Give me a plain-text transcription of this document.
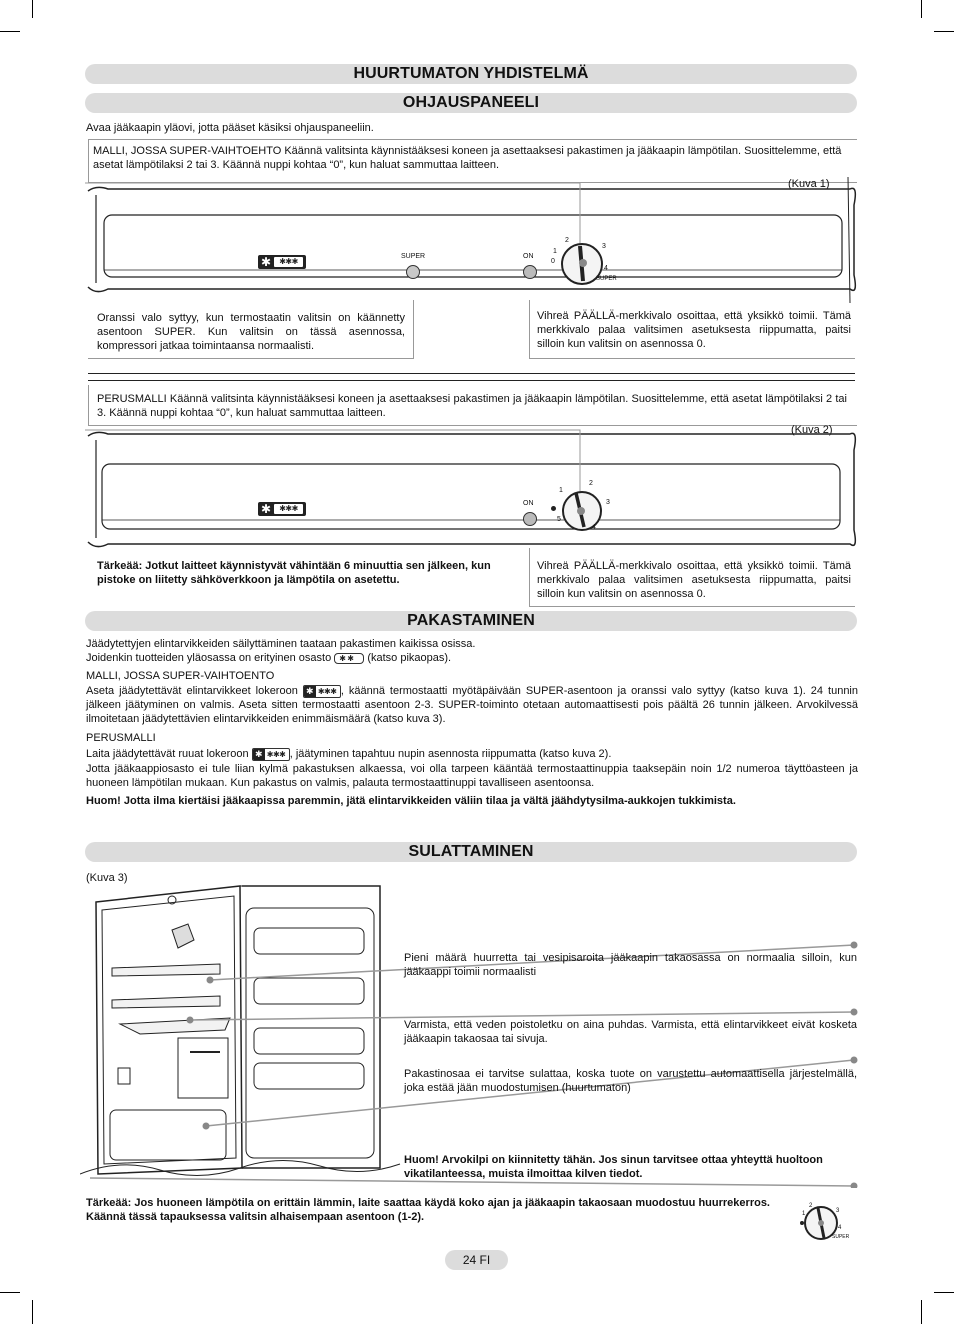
HUURTUMATON YHDISTELMÄ
OHJAUSPANEELI
Avaa jääkaapin yläovi, jotta pääset käsiksi ohjauspaneeliin.
MALLI, JOSSA SUPER-VAIHTOEHTO Käännä valitsinta käynnistääksesi koneen ja asettaaksesi pakastimen ja jääkaapin lämpötilan. Suosittelemme, että asetat lämpötilaksi 2 tai 3. Käännä nuppi kohtaa “0”, kun haluat sammuttaa laitteen.
(Kuva 1)
✱	✱✱✱
SUPER	ON
0
1
2
3
4
SUPER
Oranssi valo syttyy, kun termostaatin valitsin on käännetty asentoon SUPER. Kun valitsin on tässä asennossa, kompressori jatkaa toimintaansa normaalisti.
Vihreä PÄÄLLÄ-merkkivalo osoittaa, että yksikkö toimii. Tämä merkkivalo palaa valitsimen asetuksesta riippumatta, paitsi silloin kun valitsin on asennossa 0.
PERUSMALLI Käännä valitsinta käynnistääksesi koneen ja asettaaksesi pakastimen ja jääkaapin lämpötilan. Suosittelemme, että asetat lämpötilaksi 2 tai 3. Käännä nuppi kohtaa “0”, kun haluat sammuttaa laitteen.
(Kuva 2)
✱	✱✱✱
ON
1
2
3
4
5
Tärkeää: Jotkut laitteet käynnistyvät vähintään 6 minuuttia sen jälkeen, kun pistoke on liitetty sähköverkkoon ja lämpötila on asetettu.
Vihreä PÄÄLLÄ-merkkivalo osoittaa, että yksikkö toimii. Tämä merkkivalo palaa valitsimen asetuksesta riippumatta, paitsi silloin kun valitsin on asennossa 0.
PAKASTAMINEN
Jäädytettyjen elintarvikkeiden säilyttäminen taataan pakastimen kaikissa osissa.
Joidenkin tuotteiden yläosassa on erityinen osasto ✱ ✱ (katso pikaopas).
MALLI, JOSSA SUPER-VAIHTOENTO
Aseta jäädytettävät elintarvikkeet lokeroon ✱ ✱✱✱ , käännä termostaatti myötäpäivään SUPER-asentoon ja oranssi valo syttyy (katso kuva 1). 24 tunnin jälkeen jäätyminen on valmis. Aseta sitten termostaatti asentoon 2-3. SUPER-toiminto otetaan automaattisesti pois päältä 26 tunnin jälkeen. Arvokilvessä ilmoitetaan jäädytettävien elintarvikkeiden enimmäismäärä (katso kuva 3).
PERUSMALLI
Laita jäädytettävät ruuat lokeroon ✱ ✱✱✱ , jäätyminen tapahtuu nupin asennosta riippumatta (katso kuva 2).
Jotta jääkaappiosasto ei tule liian kylmä pakastuksen alkaessa, voi olla tarpeen kääntää termostaattinuppia taaksepäin noin 1/2 numeroa täyttöasteen ja huoneen lämpötilan mukaan. Kun pakastus on valmis, palauta termostaattinuppi tavalliseen asentoonsa.
Huom! Jotta ilma kiertäisi jääkaapissa paremmin, jätä elintarvikkeiden väliin tilaa ja vältä jäähdytysilma-aukkojen tukkimista.
SULATTAMINEN
(Kuva 3)
Pieni määrä huurretta tai vesipisaroita jääkaapin takaosassa on normaalia silloin, kun jääkaappi toimii normaalisti
Varmista, että veden poistoletku on aina puhdas. Varmista, että elintarvikkeet eivät kosketa jääkaapin takaosaa tai sivuja.
Pakastinosaa ei tarvitse sulattaa, koska tuote on varustettu automaattisella järjestelmällä, joka estää jään muodostumisen (huurtumaton)
Huom! Arvokilpi on kiinnitetty tähän. Jos sinun tarvitsee ottaa yhteyttä huoltoon vikatilanteessa, muista ilmoittaa kilven tiedot.
Tärkeää: Jos huoneen lämpötila on erittäin lämmin, laite saattaa käydä koko ajan ja jääkaapin takaosaan muodostuu huurrekerros. Käännä tässä tapauksessa valitsin alhaisempaan asentoon (1-2).	1
2
3
4
SUPER
24 FI
